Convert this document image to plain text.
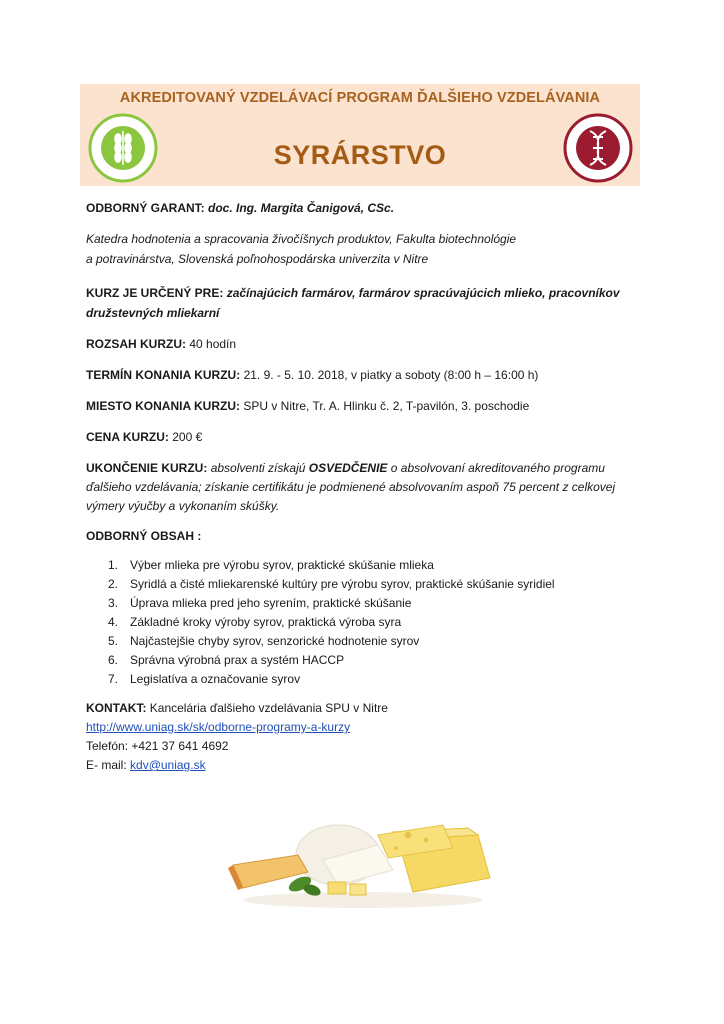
AKREDITOVANÝ VZDELÁVACÍ PROGRAM ĎALŠIEHO VZDELÁVANIA
SYRÁRSTVO
ODBORNÝ GARANT: doc. Ing. Margita Čanigová, CSc.
Katedra hodnotenia a spracovania živočíšnych produktov, Fakulta biotechnológie
a potravinárstva, Slovenská poľnohospodárska univerzita v Nitre
KURZ JE URČENÝ PRE: začínajúcich farmárov, farmárov spracúvajúcich mlieko, pracovníkov
družstevných mliekarní
ROZSAH KURZU: 40 hodín
TERMÍN KONANIA KURZU: 21. 9. - 5. 10. 2018, v piatky a soboty (8:00 h – 16:00 h)
MIESTO KONANIA KURZU: SPU v Nitre, Tr. A. Hlinku č. 2, T-pavilón, 3. poschodie
CENA KURZU: 200 €
UKONČENIE KURZU: absolventi získajú OSVEDČENIE o absolvovaní akreditovaného programu
ďalšieho vzdelávania; získanie certifikátu je podmienené absolvovaním aspoň 75 percent z celkovej
výmery výučby a vykonaním skúšky.
ODBORNÝ OBSAH :
1. Výber mlieka pre výrobu syrov, praktické skúšanie mlieka
2. Syridlá a čisté mliekarenské kultúry pre výrobu syrov, praktické skúšanie syridiel
3. Úprava mlieka pred jeho syrením, praktické skúšanie
4. Základné kroky výroby syrov, praktická výroba syra
5. Najčastejšie chyby syrov, senzorické hodnotenie syrov
6. Správna výrobná prax a systém HACCP
7. Legislatíva a označovanie syrov
KONTAKT: Kancelária ďalšieho vzdelávania SPU v Nitre
http://www.uniag.sk/sk/odborne-programy-a-kurzy
Telefón: +421 37 641 4692
E- mail: kdv@uniag.sk
